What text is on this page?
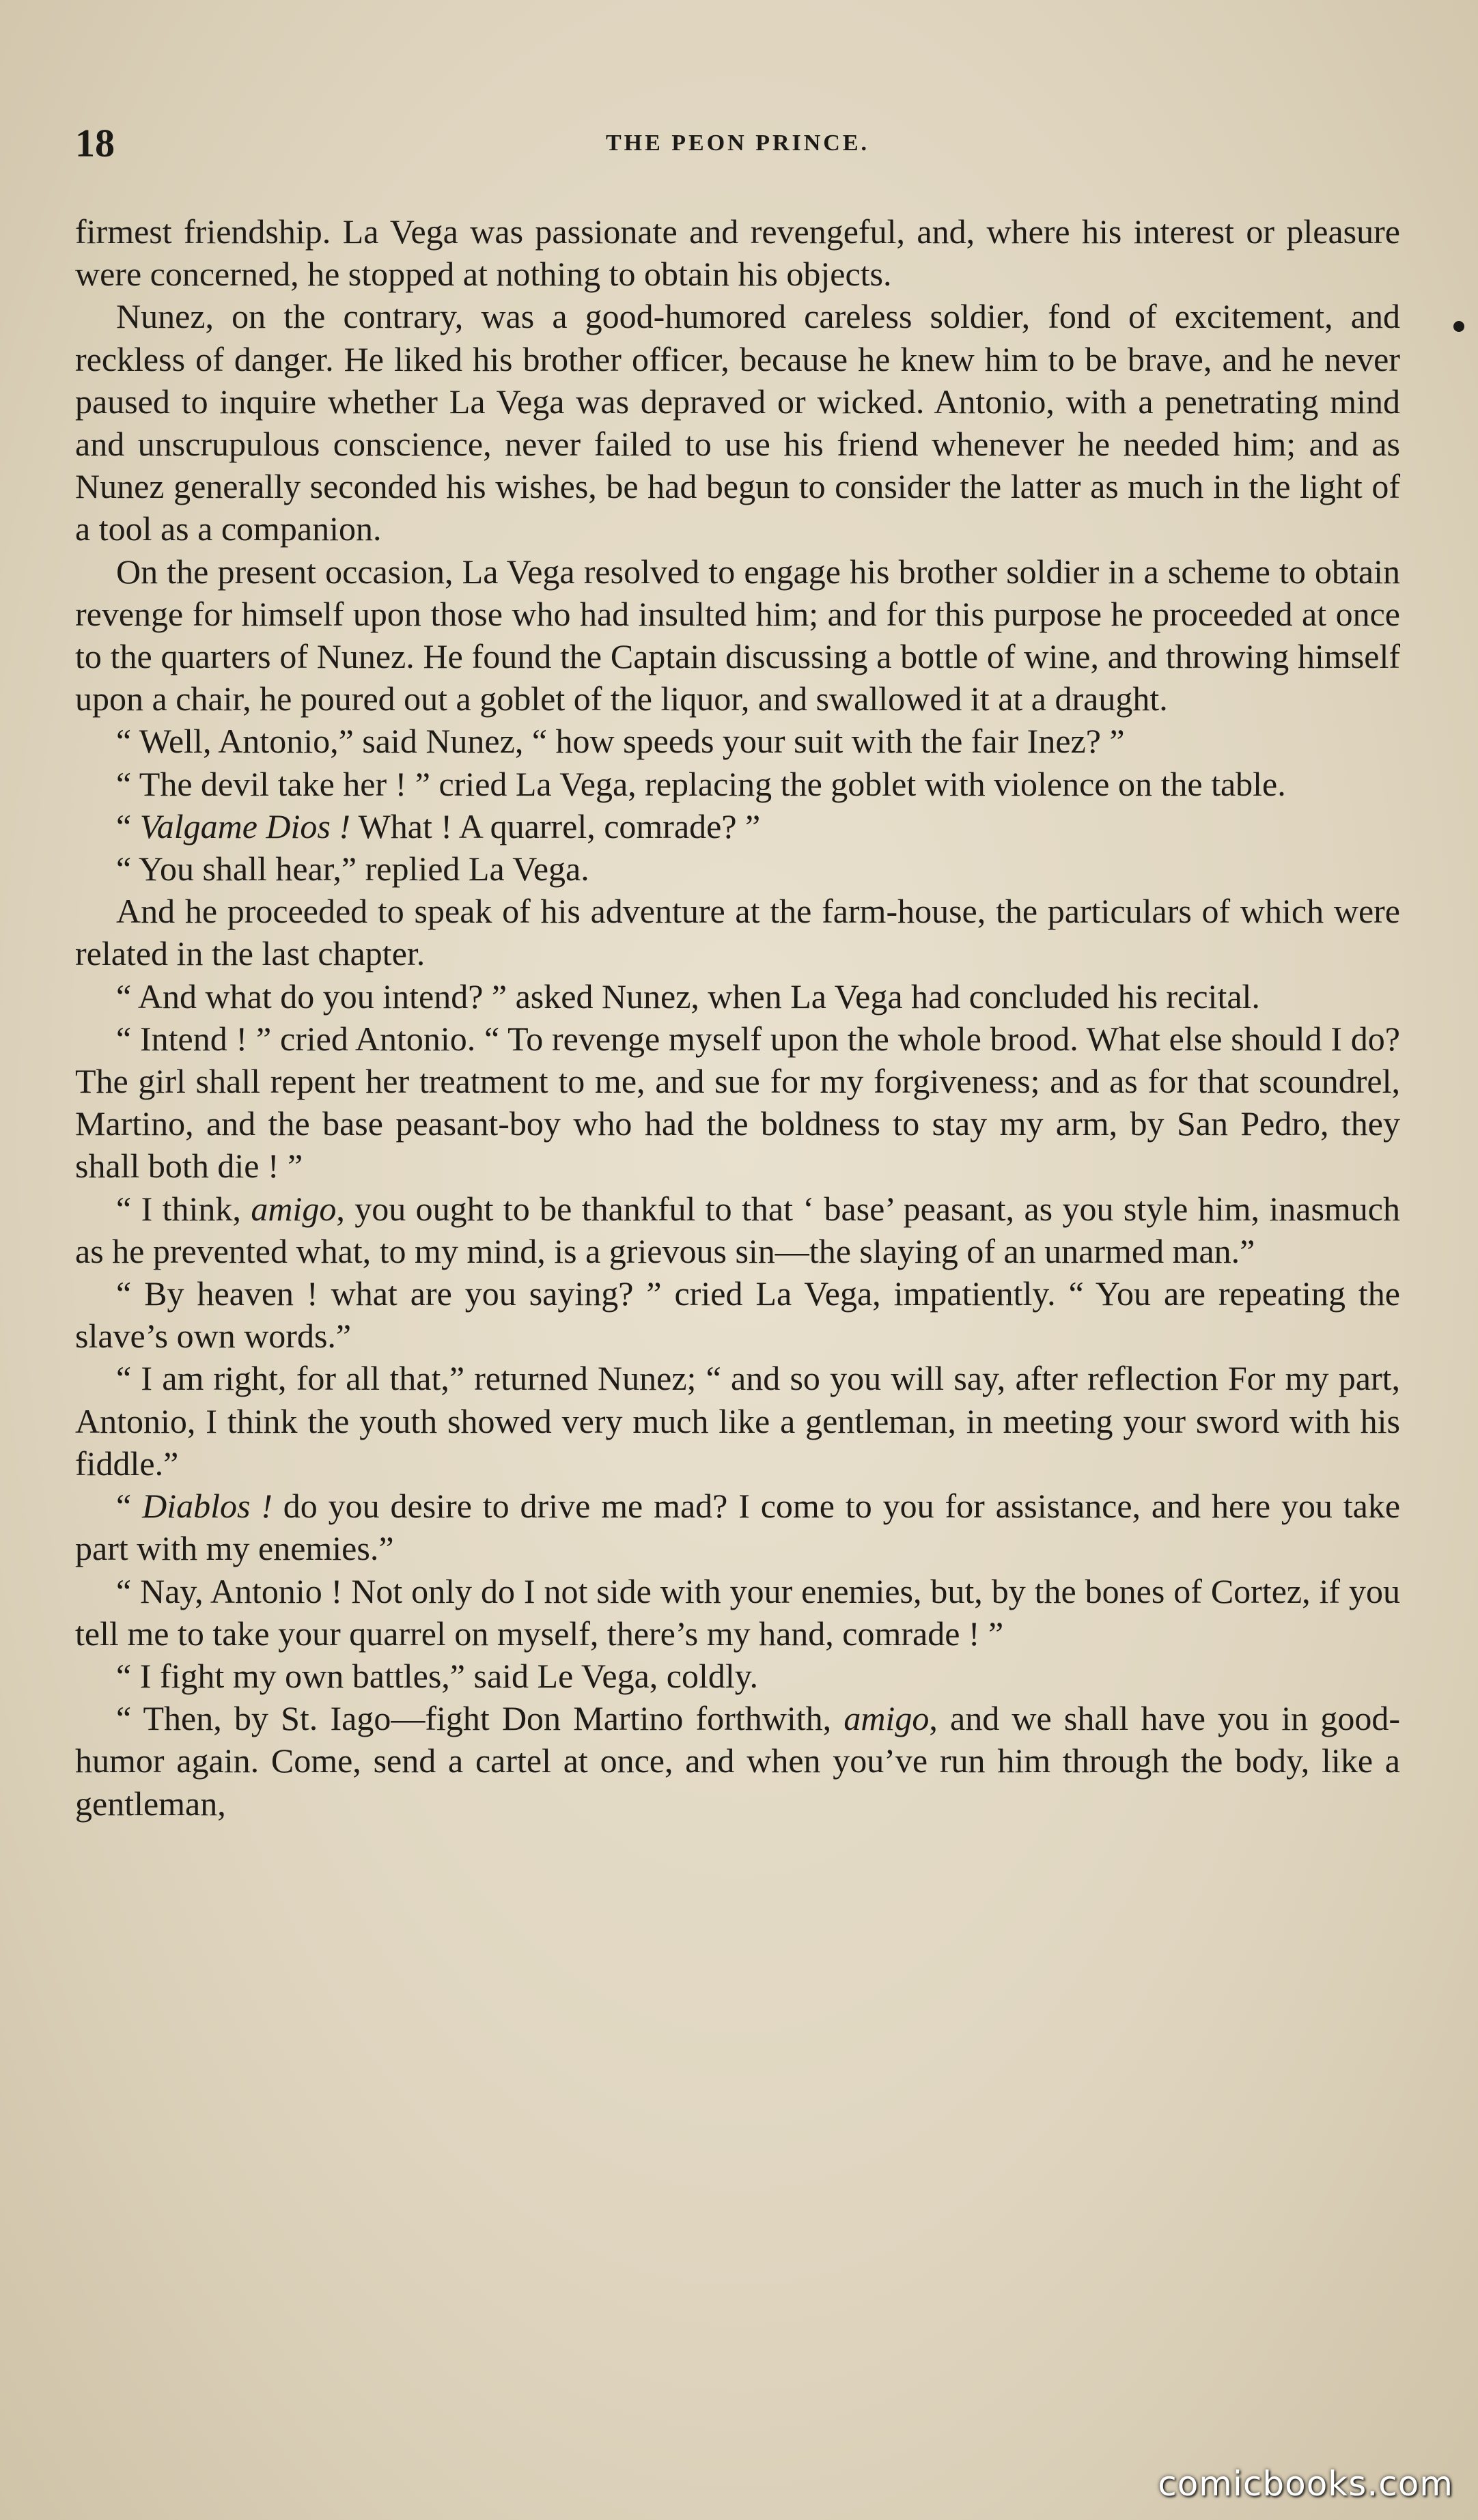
18	THE PEON PRINCE.

firmest friendship. La Vega was passionate and revengeful, and, where his interest or pleasure were concerned, he stopped at nothing to obtain his objects.

Nunez, on the contrary, was a good-humored careless soldier, fond of excitement, and reckless of danger. He liked his brother officer, because he knew him to be brave, and he never paused to inquire whether La Vega was depraved or wicked. Antonio, with a penetrating mind and unscrupulous conscience, never failed to use his friend whenever he needed him; and as Nunez generally seconded his wishes, be had begun to consider the latter as much in the light of a tool as a companion.

On the present occasion, La Vega resolved to engage his brother soldier in a scheme to obtain revenge for himself upon those who had insulted him; and for this purpose he proceeded at once to the quarters of Nunez. He found the Captain discussing a bottle of wine, and throwing himself upon a chair, he poured out a goblet of the liquor, and swallowed it at a draught.

“ Well, Antonio,” said Nunez, “ how speeds your suit with the fair Inez? ”

“ The devil take her ! ” cried La Vega, replacing the goblet with violence on the table.

“ Valgame Dios ! What ! A quarrel, comrade? ”

“ You shall hear,” replied La Vega.

And he proceeded to speak of his adventure at the farm-house, the particulars of which were related in the last chapter.

“ And what do you intend? ” asked Nunez, when La Vega had concluded his recital.

“ Intend ! ” cried Antonio. “ To revenge myself upon the whole brood. What else should I do? The girl shall repent her treatment to me, and sue for my forgiveness; and as for that scoundrel, Martino, and the base peasant-boy who had the boldness to stay my arm, by San Pedro, they shall both die ! ”

“ I think, amigo, you ought to be thankful to that ‘ base’ peasant, as you style him, inasmuch as he prevented what, to my mind, is a grievous sin—the slaying of an unarmed man.”

“ By heaven ! what are you saying? ” cried La Vega, impatiently. “ You are repeating the slave’s own words.”

“ I am right, for all that,” returned Nunez; “ and so you will say, after reflection For my part, Antonio, I think the youth showed very much like a gentleman, in meeting your sword with his fiddle.”

“ Diablos ! do you desire to drive me mad? I come to you for assistance, and here you take part with my enemies.”

“ Nay, Antonio ! Not only do I not side with your enemies, but, by the bones of Cortez, if you tell me to take your quarrel on myself, there’s my hand, comrade ! ”

“ I fight my own battles,” said Le Vega, coldly.

“ Then, by St. Iago—fight Don Martino forthwith, amigo, and we shall have you in good-humor again. Come, send a cartel at once, and when you’ve run him through the body, like a gentleman,

comicbooks.com
